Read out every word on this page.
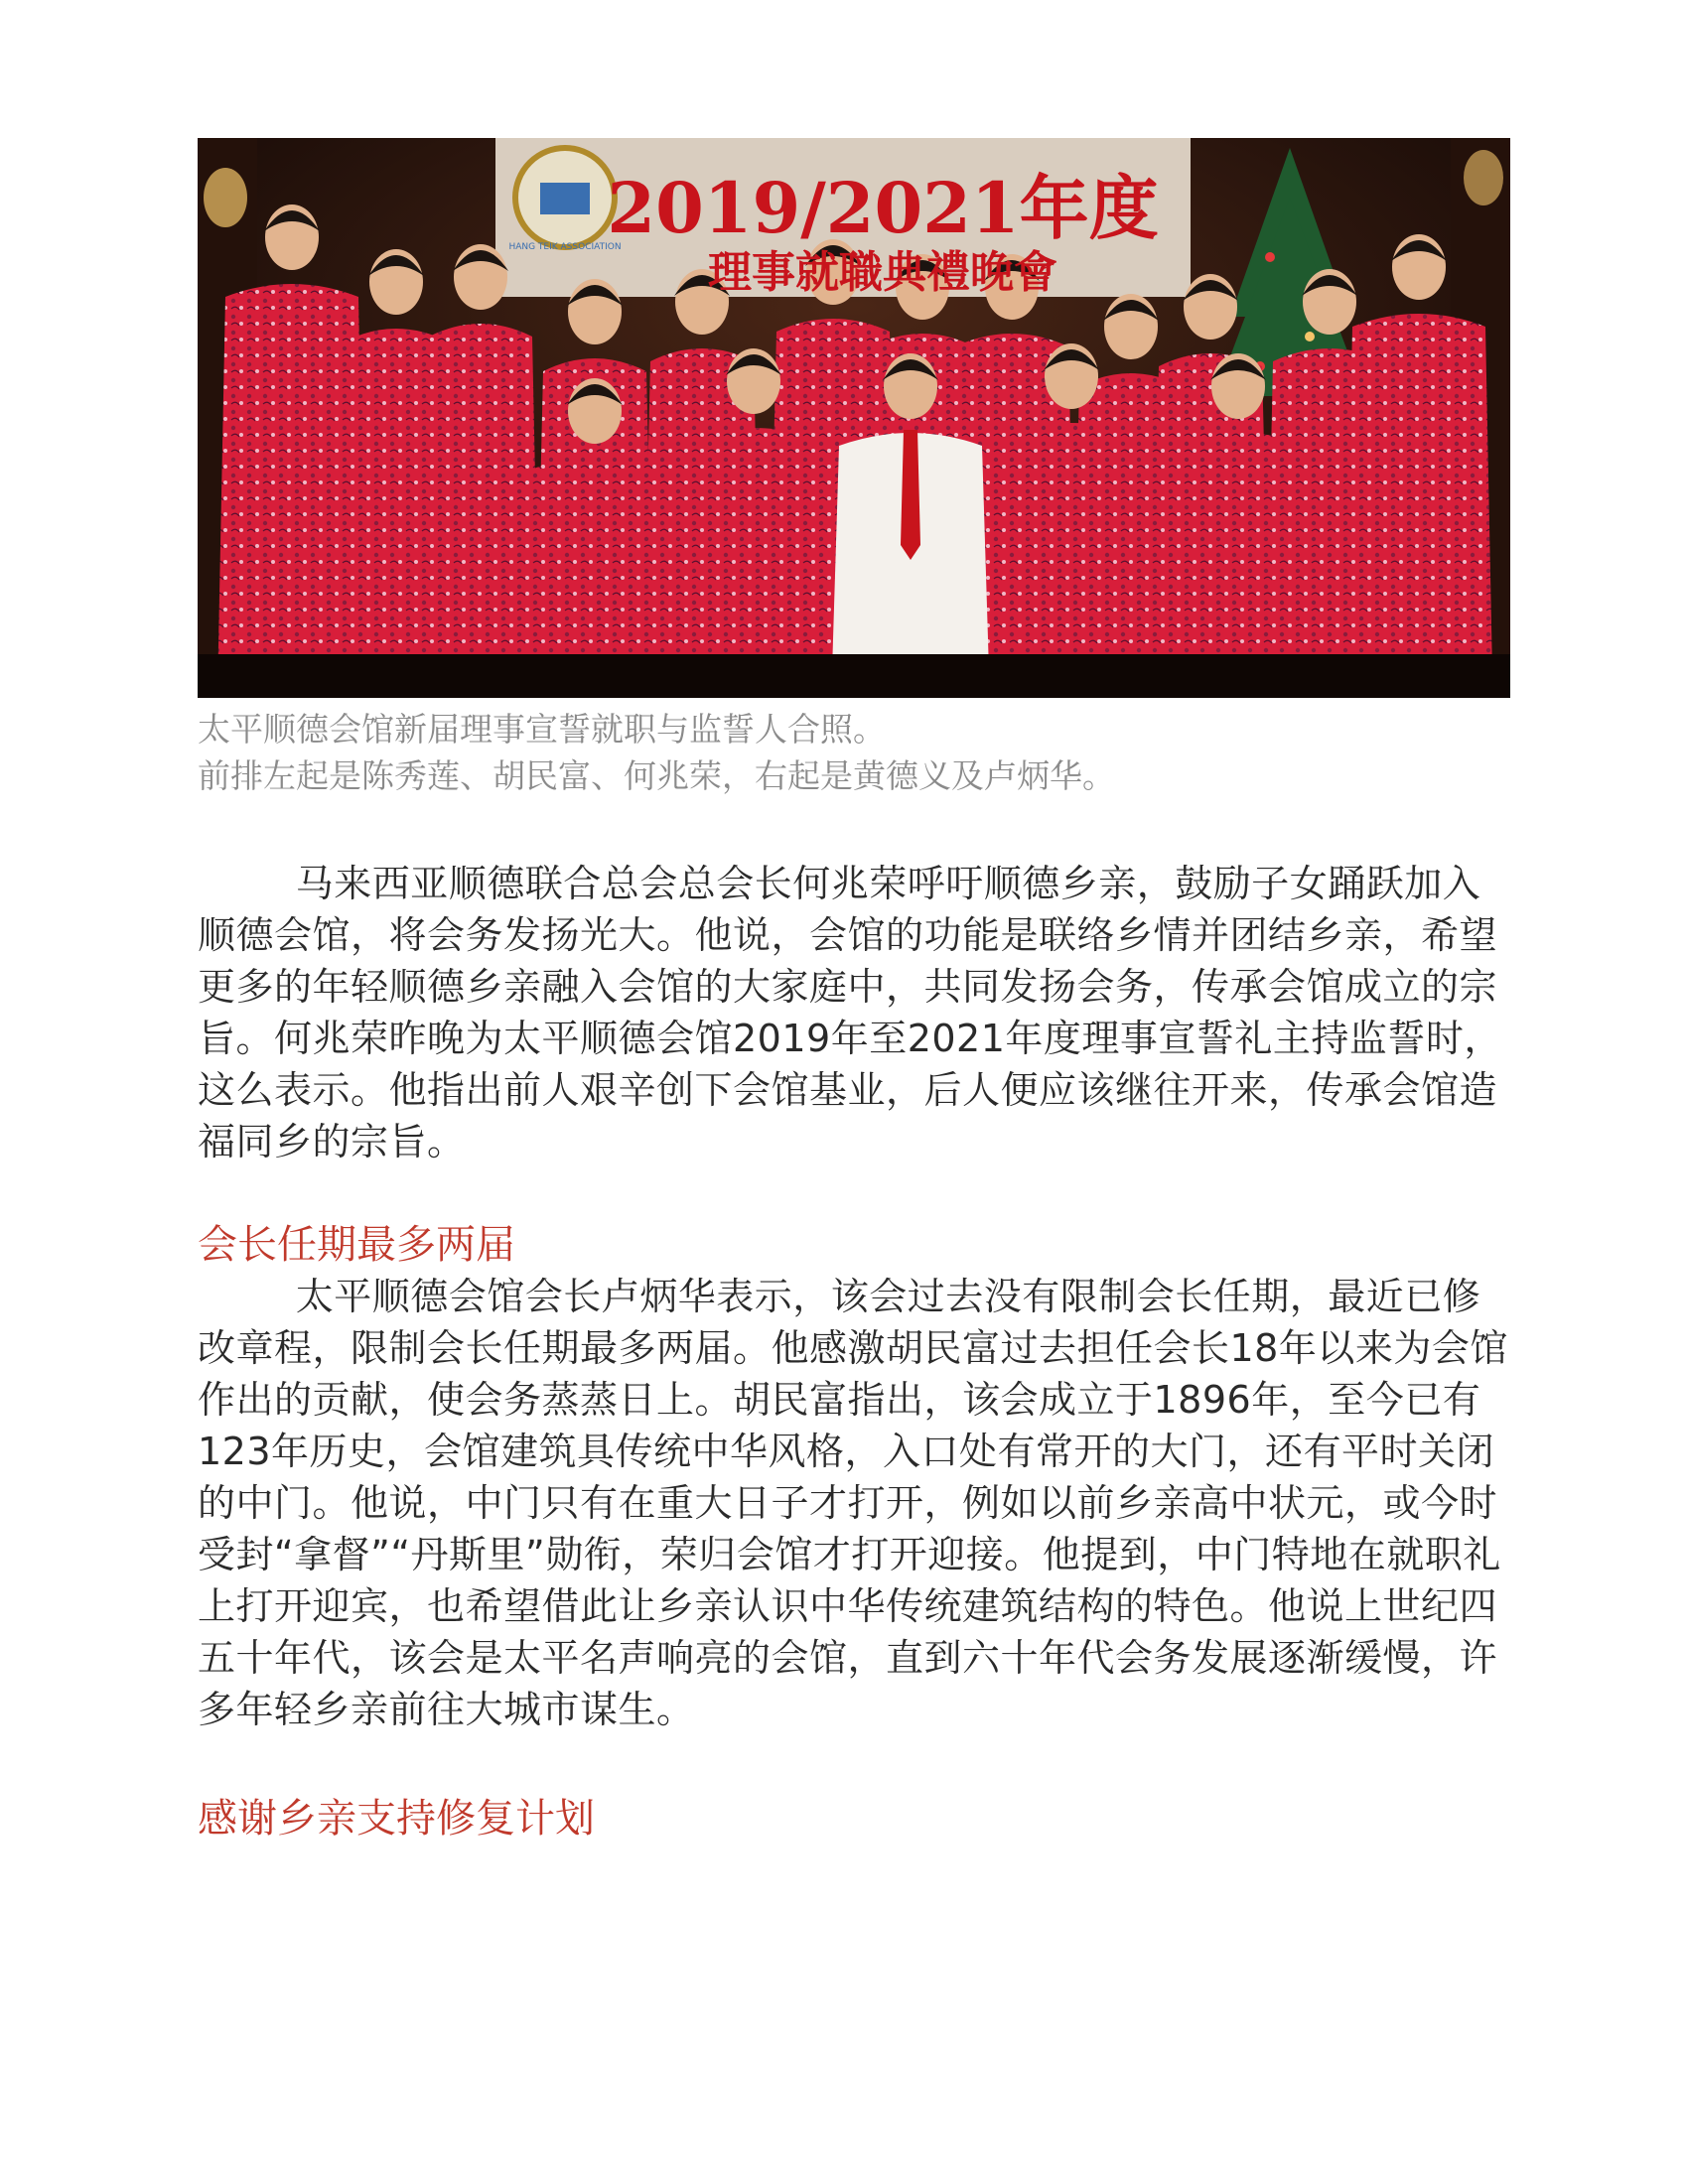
2019/2021年度
理事就職典禮晚會
HANG TEIK ASSOCIATION
太平顺德会馆新届理事宣誓就职与监誓人合照。
前排左起是陈秀莲、胡民富、何兆荣，右起是黄德义及卢炳华。

马来西亚顺德联合总会总会长何兆荣呼吁顺德乡亲，鼓励子女踊跃加入顺德会馆，将会务发扬光大。他说，会馆的功能是联络乡情并团结乡亲，希望更多的年轻顺德乡亲融入会馆的大家庭中，共同发扬会务，传承会馆成立的宗旨。何兆荣昨晚为太平顺德会馆2019年至2021年度理事宣誓礼主持监誓时，这么表示。他指出前人艰辛创下会馆基业，后人便应该继往开来，传承会馆造福同乡的宗旨。

会长任期最多两届

太平顺德会馆会长卢炳华表示，该会过去没有限制会长任期，最近已修改章程，限制会长任期最多两届。他感激胡民富过去担任会长18年以来为会馆作出的贡献，使会务蒸蒸日上。胡民富指出，该会成立于1896年，至今已有123年历史，会馆建筑具传统中华风格，入口处有常开的大门，还有平时关闭的中门。他说，中门只有在重大日子才打开，例如以前乡亲高中状元，或今时受封“拿督”“丹斯里”勋衔，荣归会馆才打开迎接。他提到，中门特地在就职礼上打开迎宾，也希望借此让乡亲认识中华传统建筑结构的特色。他说上世纪四五十年代，该会是太平名声响亮的会馆，直到六十年代会务发展逐渐缓慢，许多年轻乡亲前往大城市谋生。

感谢乡亲支持修复计划
